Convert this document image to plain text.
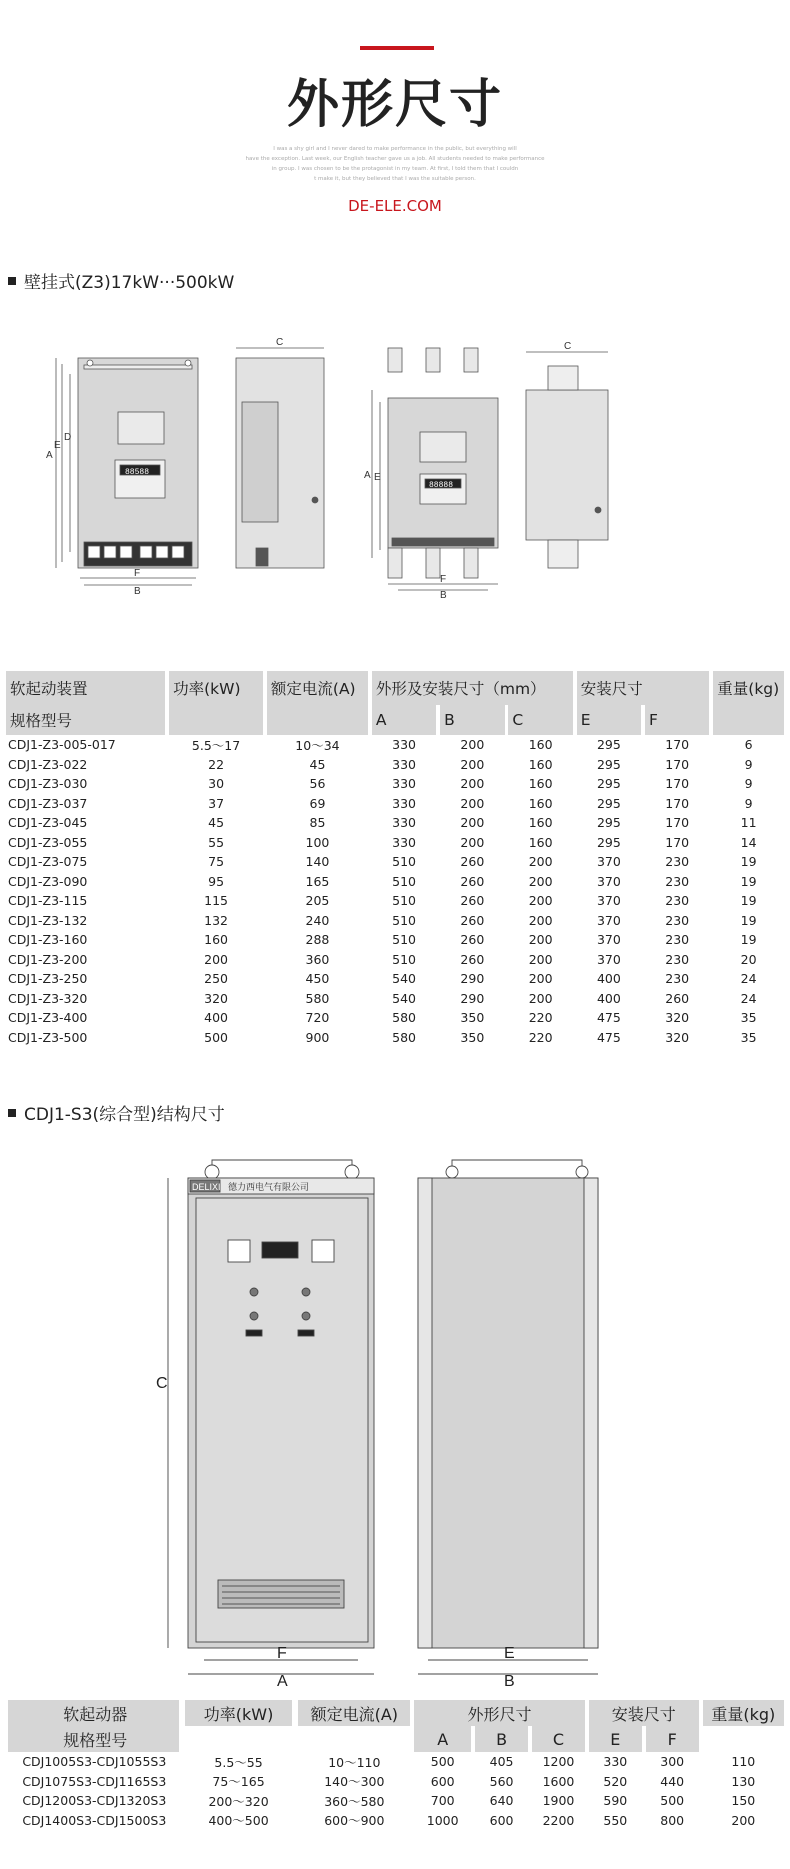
外形尺寸
I was a shy girl and I never dared to make performance in the public, but everything will
have the exception. Last week, our English teacher gave us a job. All students needed to make performance
in group. I was chosen to be the protagonist in my team. At first, I told them that I couldn
t make it, but they believed that I was the suitable person.
DE-ELE.COM
壁挂式(Z3)17kW···500kW
A
E
D
F
B
C
A E
F
B
C
88588
88888
软起动装置		功率(kW)		额定电流(A)		外形及安装尺寸（mm）						安装尺寸				重量(kg)
规格型号						A		B		C		E		F		
CDJ1-Z3-005-017		5.5～17		10～34		330		200		160		295		170		6
CDJ1-Z3-022		22		45		330		200		160		295		170		9
CDJ1-Z3-030		30		56		330		200		160		295		170		9
CDJ1-Z3-037		37		69		330		200		160		295		170		9
CDJ1-Z3-045		45		85		330		200		160		295		170		11
CDJ1-Z3-055		55		100		330		200		160		295		170		14
CDJ1-Z3-075		75		140		510		260		200		370		230		19
CDJ1-Z3-090		95		165		510		260		200		370		230		19
CDJ1-Z3-115		115		205		510		260		200		370		230		19
CDJ1-Z3-132		132		240		510		260		200		370		230		19
CDJ1-Z3-160		160		288		510		260		200		370		230		19
CDJ1-Z3-200		200		360		510		260		200		370		230		20
CDJ1-Z3-250		250		450		540		290		200		400		230		24
CDJ1-Z3-320		320		580		540		290		200		400		260		24
CDJ1-Z3-400		400		720		580		350		220		475		320		35
CDJ1-Z3-500		500		900		580		350		220		475		320		35
CDJ1-S3(综合型)结构尺寸
C
F
A
E
B
DELIXI 德力西电气有限公司
软起动器		功率(kW)		额定电流(A)		外形尺寸						安装尺寸				重量(kg)
规格型号						A		B		C		E		F		
CDJ1005S3-CDJ1055S3		5.5～55		10～110		500		405		1200		330		300		110
CDJ1075S3-CDJ1165S3		75～165		140～300		600		560		1600		520		440		130
CDJ1200S3-CDJ1320S3		200～320		360～580		700		640		1900		590		500		150
CDJ1400S3-CDJ1500S3		400～500		600～900		1000		600		2200		550		800		200
